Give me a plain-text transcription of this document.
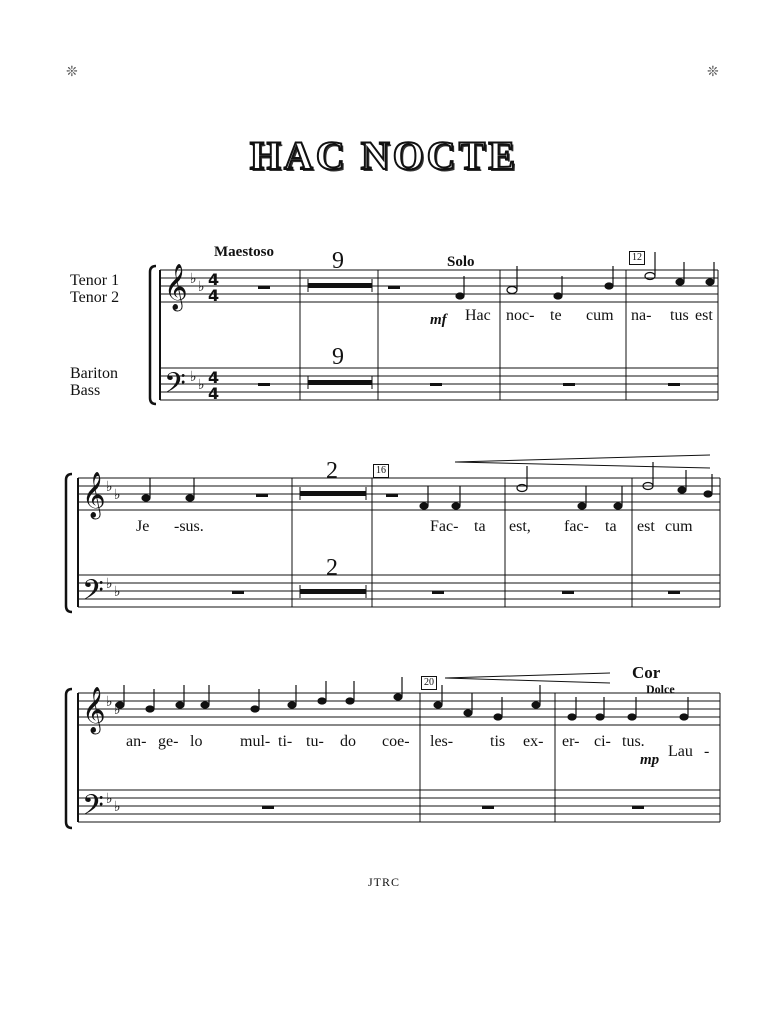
❊	❊
HAC NOCTE
Tenor 1
Tenor 2
Bariton
Bass
𝄞
𝄢
𝄞
𝄢
𝄞
𝄢
♭ ♭
♭ ♭
♭ ♭
♭ ♭
♭ ♭
♭ ♭
4
4
4
4
Maestoso
Solo
Cor
Dolce
9
9
2
2
12
16
20
mf
mp
Hac noc- te cum na- tus est
Je -sus.	Fac- ta est, fac- ta est cum
an- ge- lo mul- ti- tu- do coe- les- tis ex- er- ci- tus.
Lau -
JTRC
